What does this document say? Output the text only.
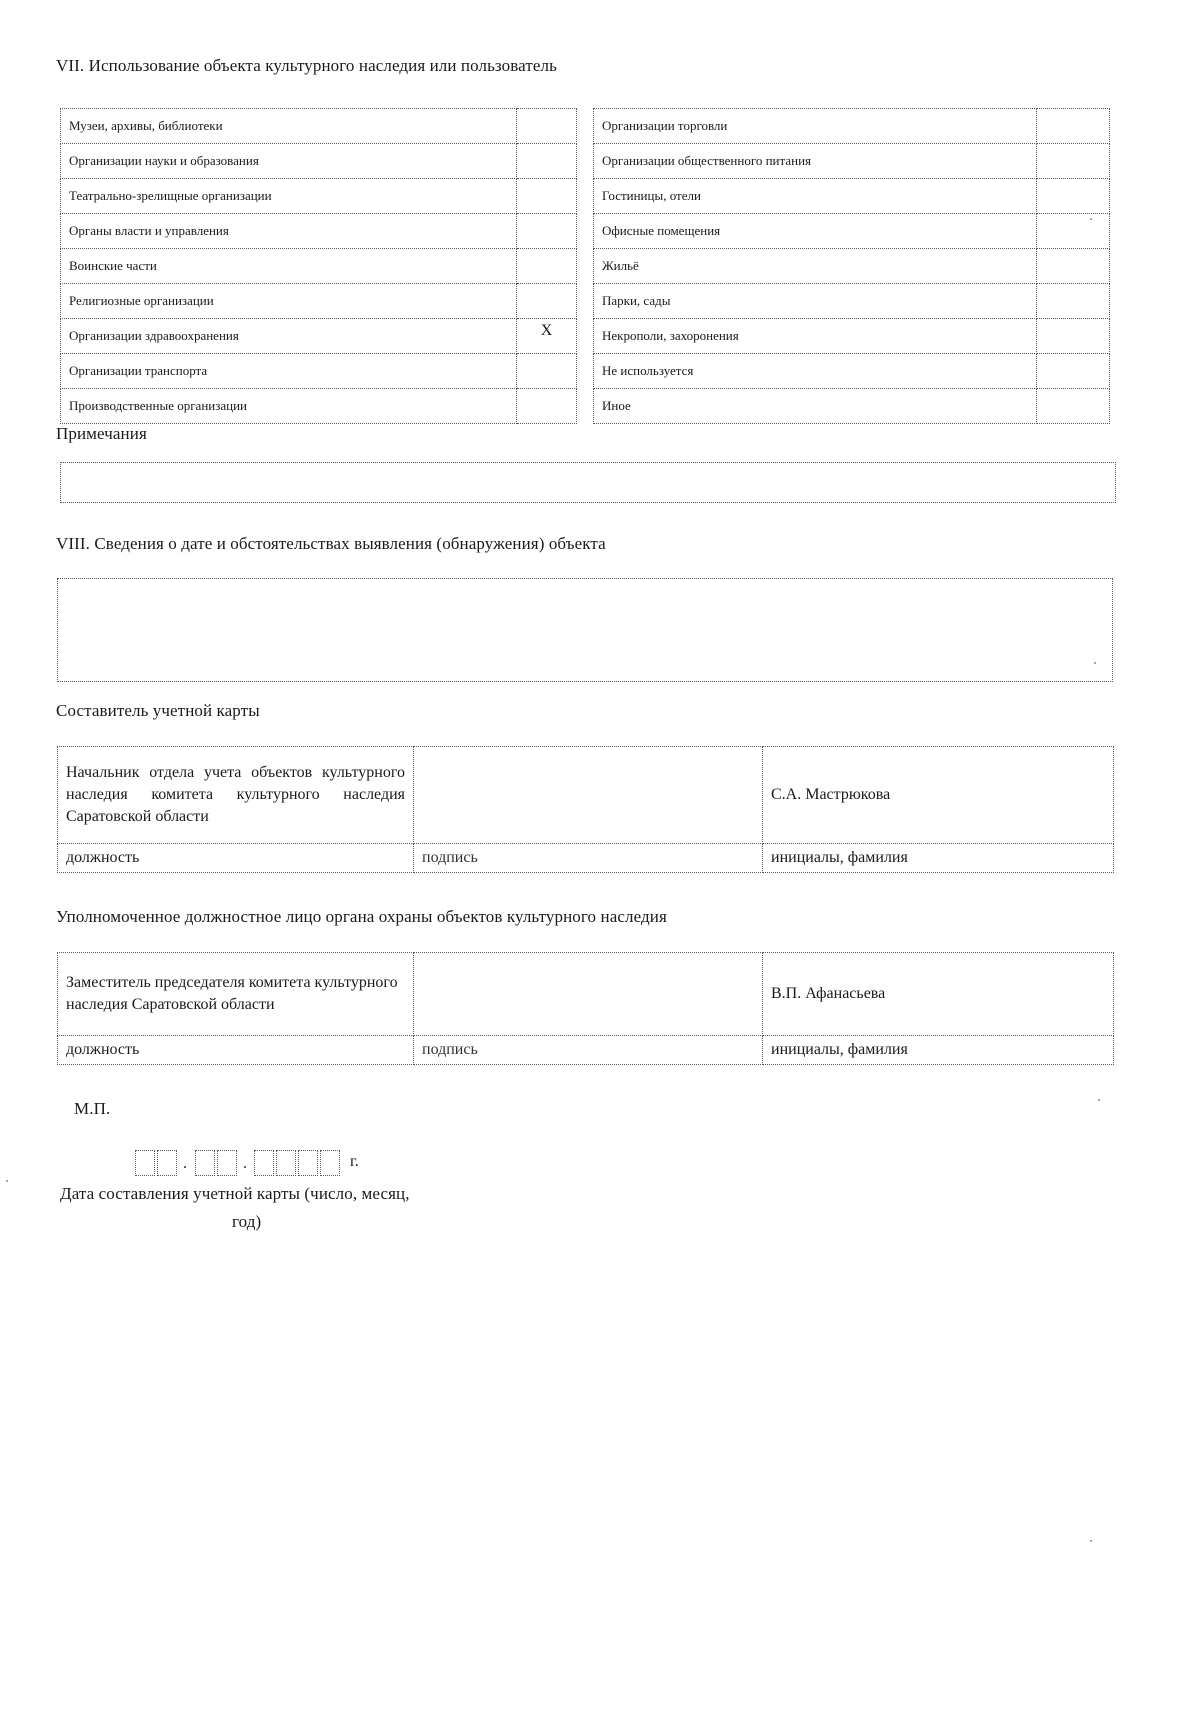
VII. Использование объекта культурного наследия или пользователь
Музеи, архивы, библиотеки	
Организации науки и образования	
Театрально-зрелищные организации	
Органы власти и управления	
Воинские части	
Религиозные организации	
Организации здравоохранения	X
Организации транспорта	
Производственные организации	
Организации торговли	
Организации общественного питания	
Гостиницы, отели	
Офисные помещения	
Жильё	
Парки, сады	
Некрополи, захоронения	
Не используется	
Иное	
Примечания
VIII. Сведения о дате и обстоятельствах выявления (обнаружения) объекта
Составитель учетной карты
Начальник отдела учета объектов культурного наследия комитета культурного наследия Саратовской области		С.А. Мастрюкова
должность	подпись	инициалы, фамилия
Уполномоченное должностное лицо органа охраны объектов культурного наследия
Заместитель председателя комитета культурного наследия Саратовской области		В.П. Афанасьева
должность	подпись	инициалы, фамилия
М.П.
.	.	г.
Дата составления учетной карты (число, месяц,
год)
